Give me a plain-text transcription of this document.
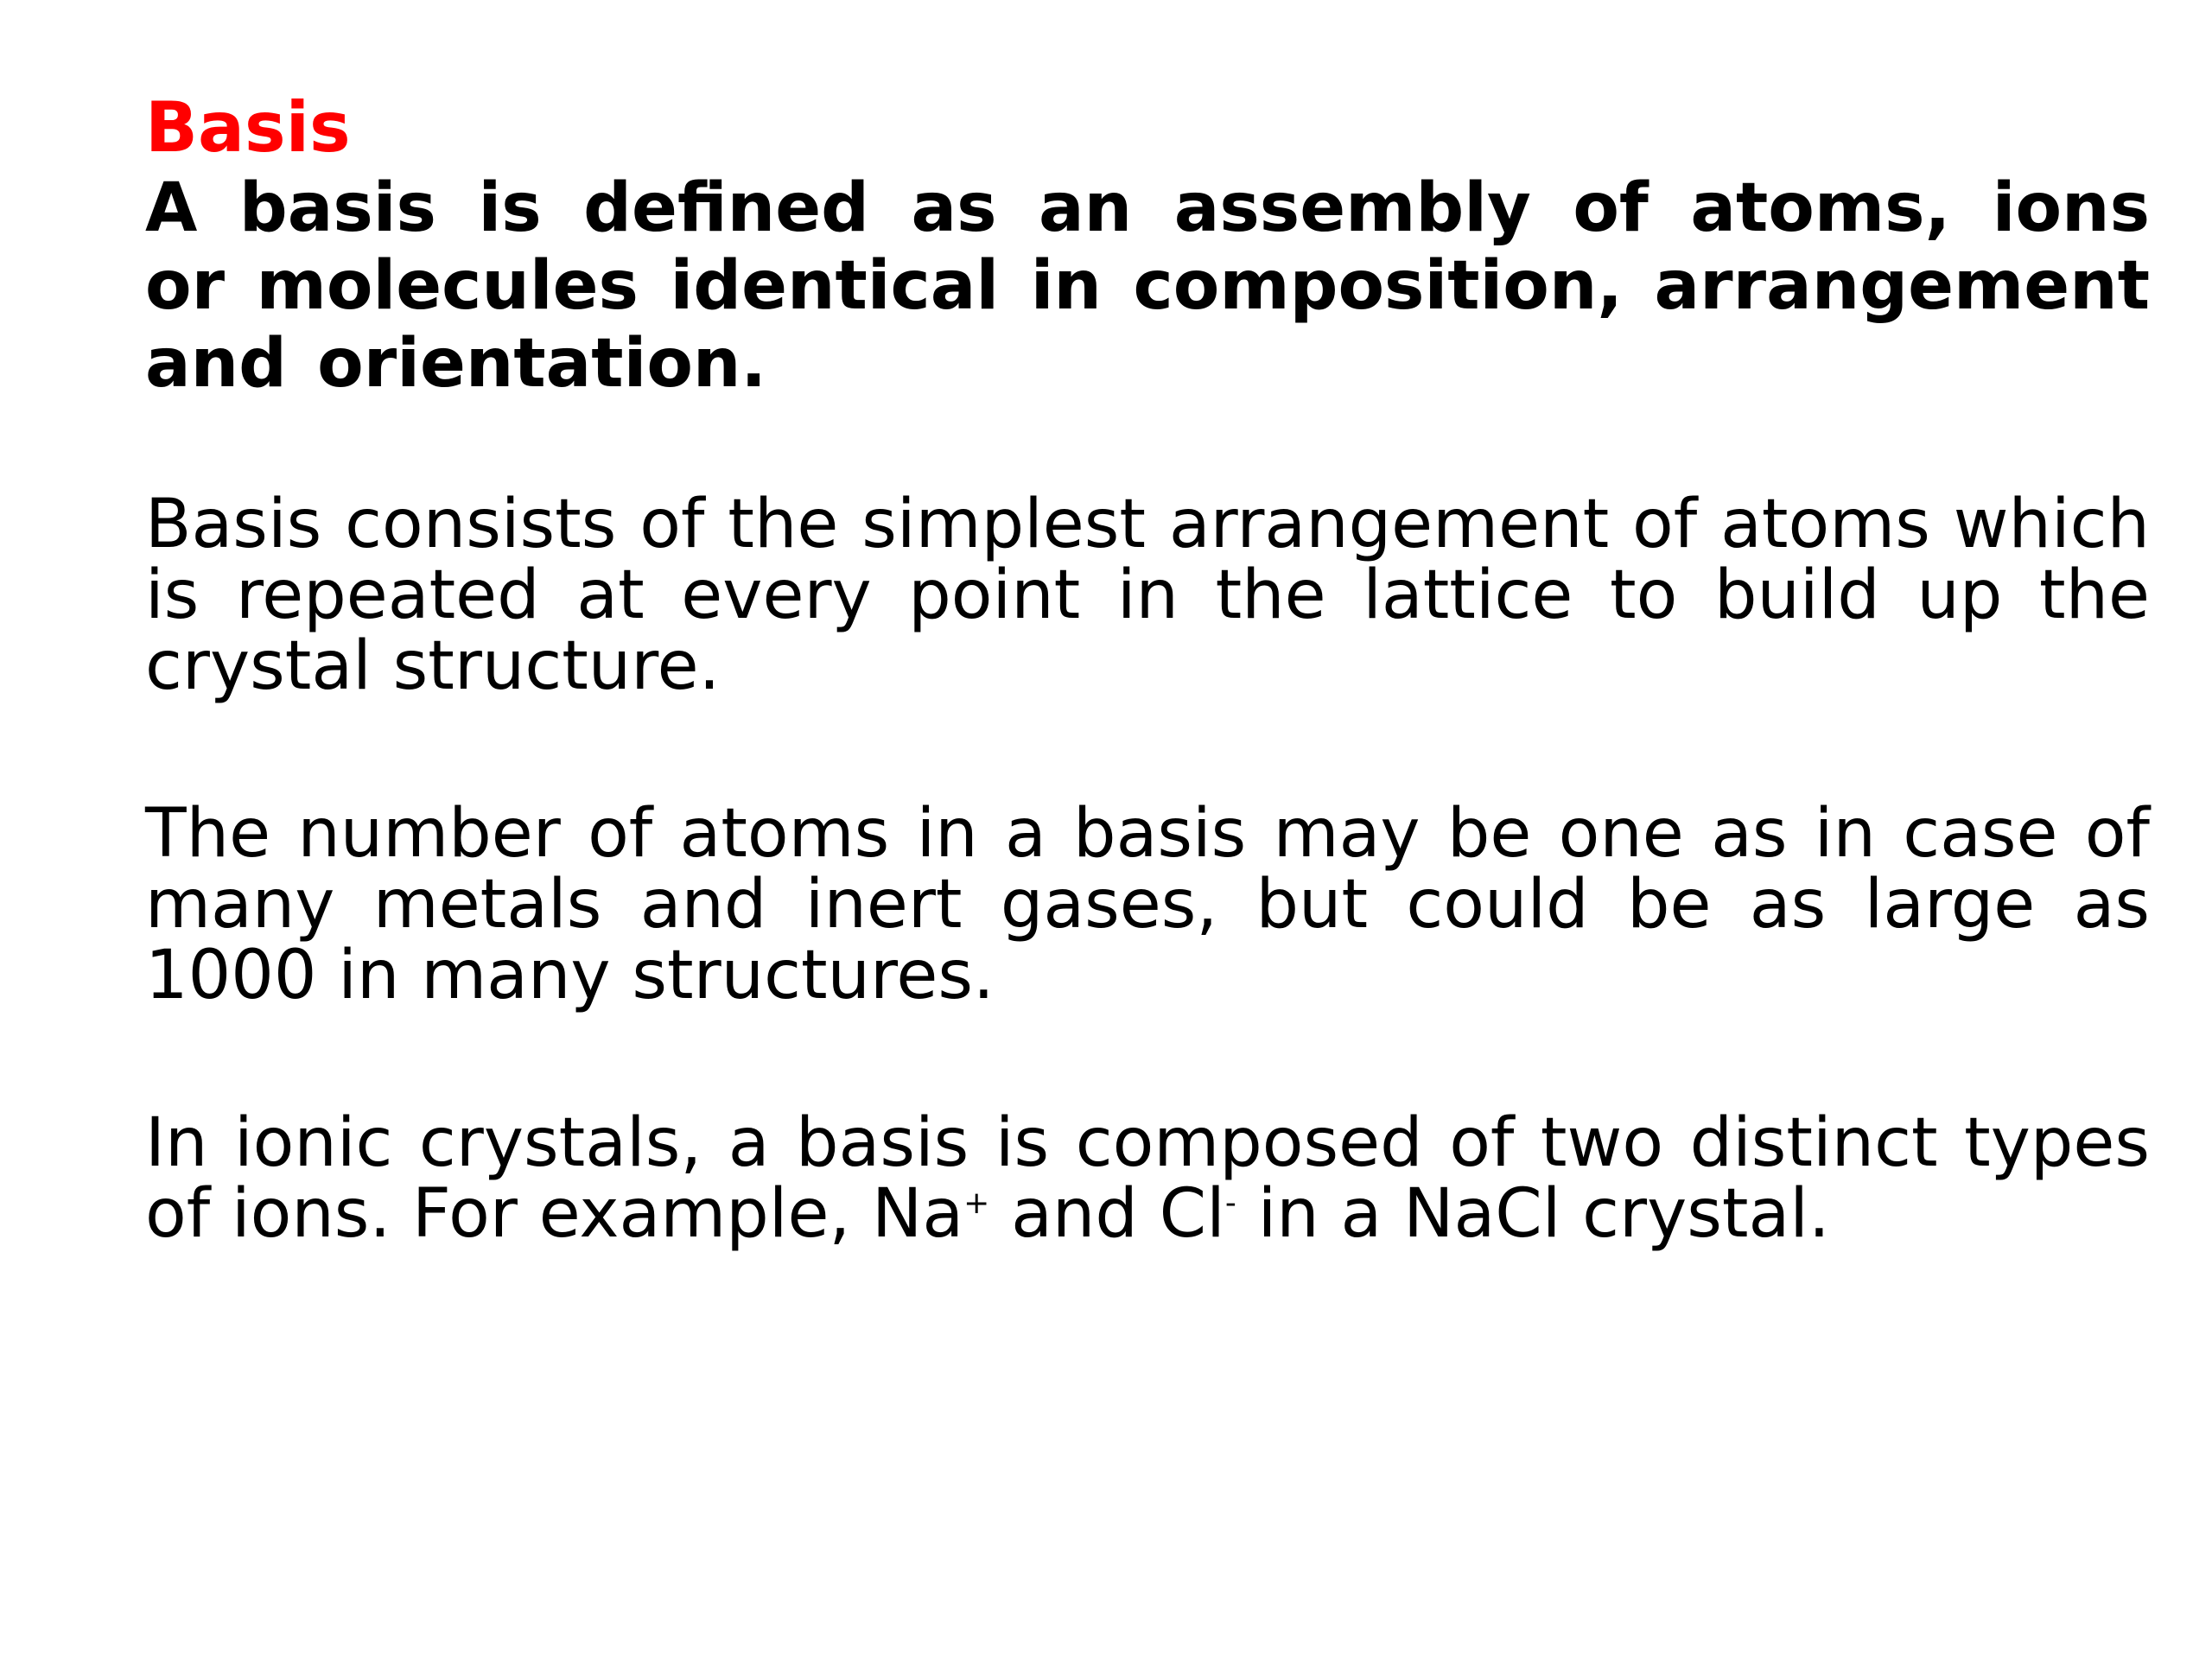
Basis

A basis is defined as an assembly of atoms, ions or molecules identical in composition, arrangement and orientation.

Basis consists of the simplest arrangement of atoms which is repeated at every point in the lattice to build up the crystal structure.

The number of atoms in a basis may be one as in case of many metals and inert gases, but could be as large as 1000 in many structures.

In ionic crystals, a basis is composed of two distinct types of ions. For example, Na+ and Cl- in a NaCl crystal.
